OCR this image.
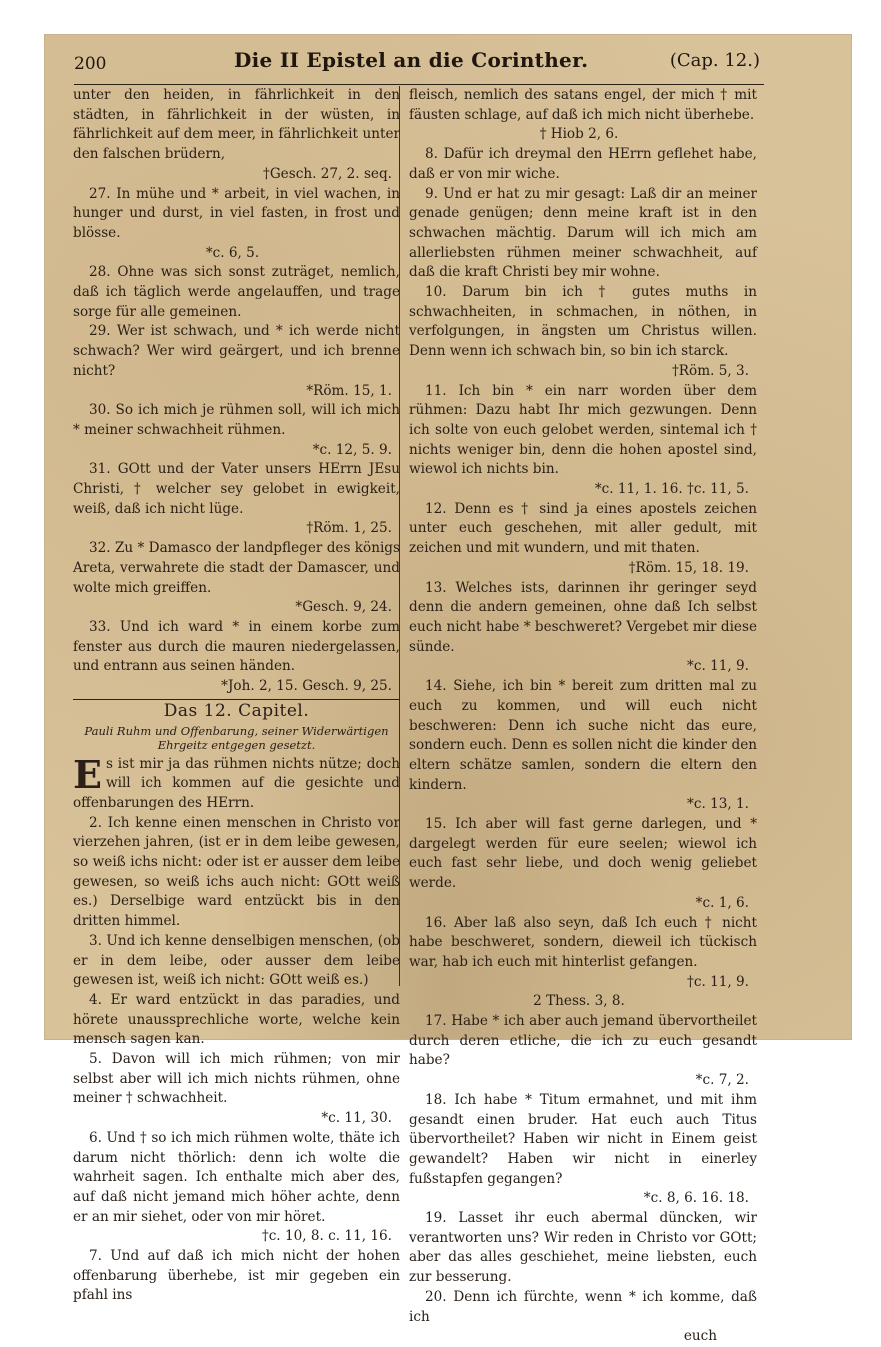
200	Die II Epistel an die Corinther.	(Cap. 12.)

unter den heiden, in fährlichkeit in den städten, in fährlichkeit in der wüsten, in fährlichkeit auf dem meer, in fährlichkeit unter den falschen brüdern,

†Gesch. 27, 2. seq.

27. In mühe und * arbeit, in viel wachen, in hunger und durst, in viel fasten, in frost und blösse.

*c. 6, 5.

28. Ohne was sich sonst zuträget, nemlich, daß ich täglich werde angelauffen, und trage sorge für alle gemeinen.

29. Wer ist schwach, und * ich werde nicht schwach? Wer wird geärgert, und ich brenne nicht?

*Röm. 15, 1.

30. So ich mich je rühmen soll, will ich mich * meiner schwachheit rühmen.

*c. 12, 5. 9.

31. GOtt und der Vater unsers HErrn JEsu Christi, † welcher sey gelobet in ewigkeit, weiß, daß ich nicht lüge.

†Röm. 1, 25.

32. Zu * Damasco der landpfleger des königs Areta, verwahrete die stadt der Damascer, und wolte mich greiffen.

*Gesch. 9, 24.

33. Und ich ward * in einem korbe zum fenster aus durch die mauren niedergelassen, und entrann aus seinen händen.

*Joh. 2, 15. Gesch. 9, 25.
Das 12. Capitel.
Pauli Ruhm und Offenbarung, seiner Widerwärtigen Ehrgeitz entgegen gesetzt.

Es ist mir ja das rühmen nichts nütze; doch will ich kommen auf die gesichte und offenbarungen des HErrn.

2. Ich kenne einen menschen in Christo vor vierzehen jahren, (ist er in dem leibe gewesen, so weiß ichs nicht: oder ist er ausser dem leibe gewesen, so weiß ichs auch nicht: GOtt weiß es.) Derselbige ward entzückt bis in den dritten himmel.

3. Und ich kenne denselbigen menschen, (ob er in dem leibe, oder ausser dem leibe gewesen ist, weiß ich nicht: GOtt weiß es.)

4. Er ward entzückt in das paradies, und hörete unaussprechliche worte, welche kein mensch sagen kan.

5. Davon will ich mich rühmen; von mir selbst aber will ich mich nichts rühmen, ohne meiner † schwachheit.

*c. 11, 30.

6. Und † so ich mich rühmen wolte, thäte ich darum nicht thörlich: denn ich wolte die wahrheit sagen. Ich enthalte mich aber des, auf daß nicht jemand mich höher achte, denn er an mir siehet, oder von mir höret.

†c. 10, 8. c. 11, 16.

7. Und auf daß ich mich nicht der hohen offenbarung überhebe, ist mir gegeben ein pfahl ins

fleisch, nemlich des satans engel, der mich † mit fäusten schlage, auf daß ich mich nicht überhebe.

† Hiob 2, 6.

8. Dafür ich dreymal den HErrn geflehet habe, daß er von mir wiche.

9. Und er hat zu mir gesagt: Laß dir an meiner genade genügen; denn meine kraft ist in den schwachen mächtig. Darum will ich mich am allerliebsten rühmen meiner schwachheit, auf daß die kraft Christi bey mir wohne.

10. Darum bin ich † gutes muths in schwachheiten, in schmachen, in nöthen, in verfolgungen, in ängsten um Christus willen. Denn wenn ich schwach bin, so bin ich starck.

†Röm. 5, 3.

11. Ich bin * ein narr worden über dem rühmen: Dazu habt Ihr mich gezwungen. Denn ich solte von euch gelobet werden, sintemal ich † nichts weniger bin, denn die hohen apostel sind, wiewol ich nichts bin.

*c. 11, 1. 16. †c. 11, 5.

12. Denn es † sind ja eines apostels zeichen unter euch geschehen, mit aller gedult, mit zeichen und mit wundern, und mit thaten.

†Röm. 15, 18. 19.

13. Welches ists, darinnen ihr geringer seyd denn die andern gemeinen, ohne daß Ich selbst euch nicht habe * beschweret? Vergebet mir diese sünde.

*c. 11, 9.

14. Siehe, ich bin * bereit zum dritten mal zu euch zu kommen, und will euch nicht beschweren: Denn ich suche nicht das eure, sondern euch. Denn es sollen nicht die kinder den eltern schätze samlen, sondern die eltern den kindern.

*c. 13, 1.

15. Ich aber will fast gerne darlegen, und * dargelegt werden für eure seelen; wiewol ich euch fast sehr liebe, und doch wenig geliebet werde.

*c. 1, 6.

16. Aber laß also seyn, daß Ich euch † nicht habe beschweret, sondern, dieweil ich tückisch war, hab ich euch mit hinterlist gefangen.

†c. 11, 9.
2 Thess. 3, 8.

17. Habe * ich aber auch jemand übervortheilet durch deren etliche, die ich zu euch gesandt habe?

*c. 7, 2.

18. Ich habe * Titum ermahnet, und mit ihm gesandt einen bruder. Hat euch auch Titus übervortheilet? Haben wir nicht in Einem geist gewandelt? Haben wir nicht in einerley fußstapfen gegangen?

*c. 8, 6. 16. 18.

19. Lasset ihr euch abermal düncken, wir verantworten uns? Wir reden in Christo vor GOtt; aber das alles geschiehet, meine liebsten, euch zur besserung.

20. Denn ich fürchte, wenn * ich komme, daß ich

euch
